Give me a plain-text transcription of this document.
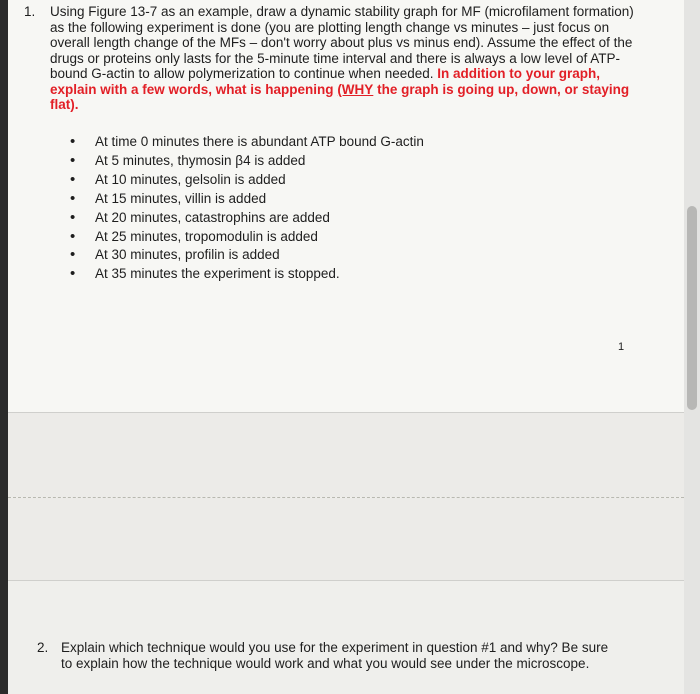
1. Using Figure 13-7 as an example, draw a dynamic stability graph for MF (microfilament formation) as the following experiment is done (you are plotting length change vs minutes – just focus on overall length change of the MFs – don't worry about plus vs minus end). Assume the effect of the drugs or proteins only lasts for the 5-minute time interval and there is always a low level of ATP-bound G-actin to allow polymerization to continue when needed. In addition to your graph, explain with a few words, what is happening (WHY the graph is going up, down, or staying flat).
• At time 0 minutes there is abundant ATP bound G-actin
• At 5 minutes, thymosin β4 is added
• At 10 minutes, gelsolin is added
• At 15 minutes, villin is added
• At 20 minutes, catastrophins are added
• At 25 minutes, tropomodulin is added
• At 30 minutes, profilin is added
• At 35 minutes the experiment is stopped.
1
2. Explain which technique would you use for the experiment in question #1 and why? Be sure to explain how the technique would work and what you would see under the microscope.
